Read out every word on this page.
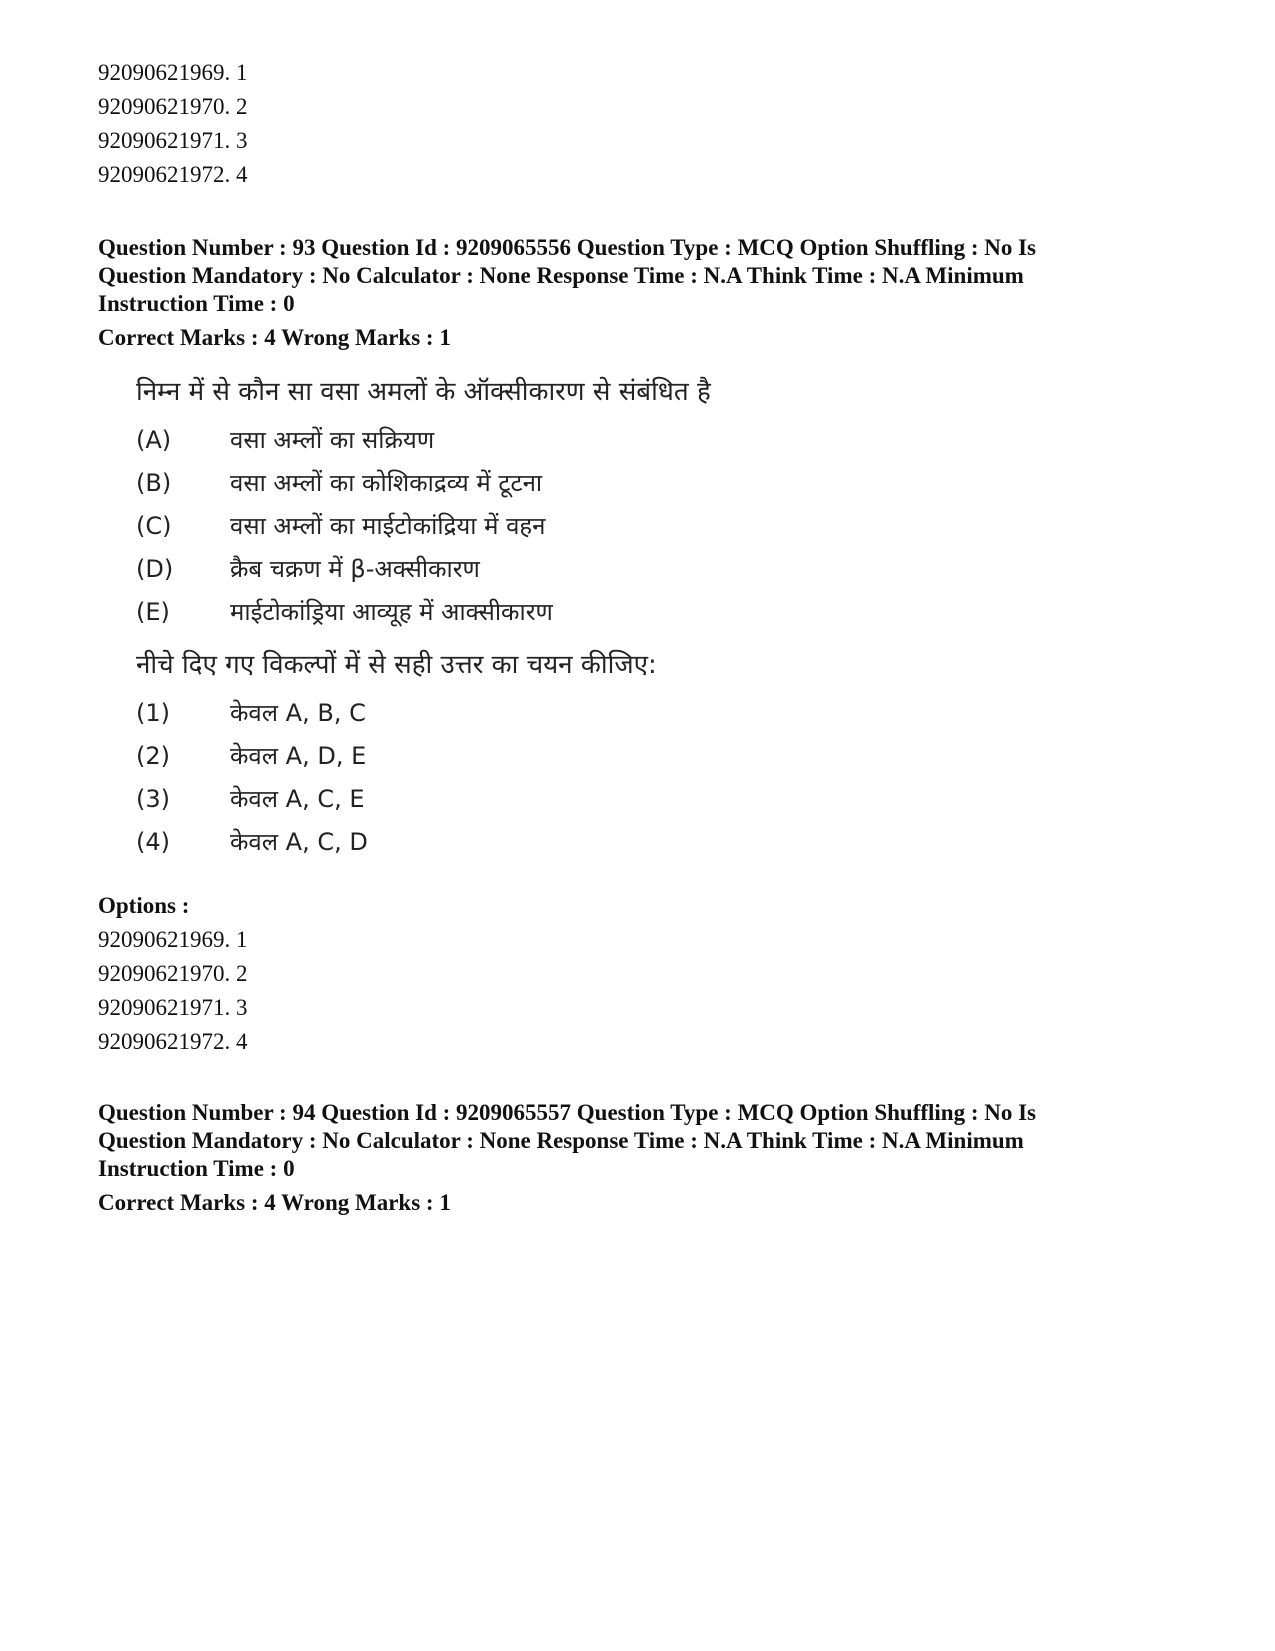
92090621969. 1
92090621970. 2
92090621971. 3
92090621972. 4
Question Number : 93 Question Id : 9209065556 Question Type : MCQ Option Shuffling : No Is
Question Mandatory : No Calculator : None Response Time : N.A Think Time : N.A Minimum
Instruction Time : 0
Correct Marks : 4 Wrong Marks : 1
निम्न में से कौन सा वसा अमलों के ऑक्सीकारण से संबंधित है
(A)	वसा अम्लों का सक्रियण
(B)	वसा अम्लों का कोशिकाद्रव्य में टूटना
(C)	वसा अम्लों का माईटोकांद्रिया में वहन
(D)	क्रैब चक्रण में β-अक्सीकारण
(E)	माईटोकांड्रिया आव्यूह में आक्सीकारण
नीचे दिए गए विकल्पों में से सही उत्तर का चयन कीजिए:
(1)	केवल A, B, C
(2)	केवल A, D, E
(3)	केवल A, C, E
(4)	केवल A, C, D
Options :
92090621969. 1
92090621970. 2
92090621971. 3
92090621972. 4
Question Number : 94 Question Id : 9209065557 Question Type : MCQ Option Shuffling : No Is
Question Mandatory : No Calculator : None Response Time : N.A Think Time : N.A Minimum
Instruction Time : 0
Correct Marks : 4 Wrong Marks : 1
